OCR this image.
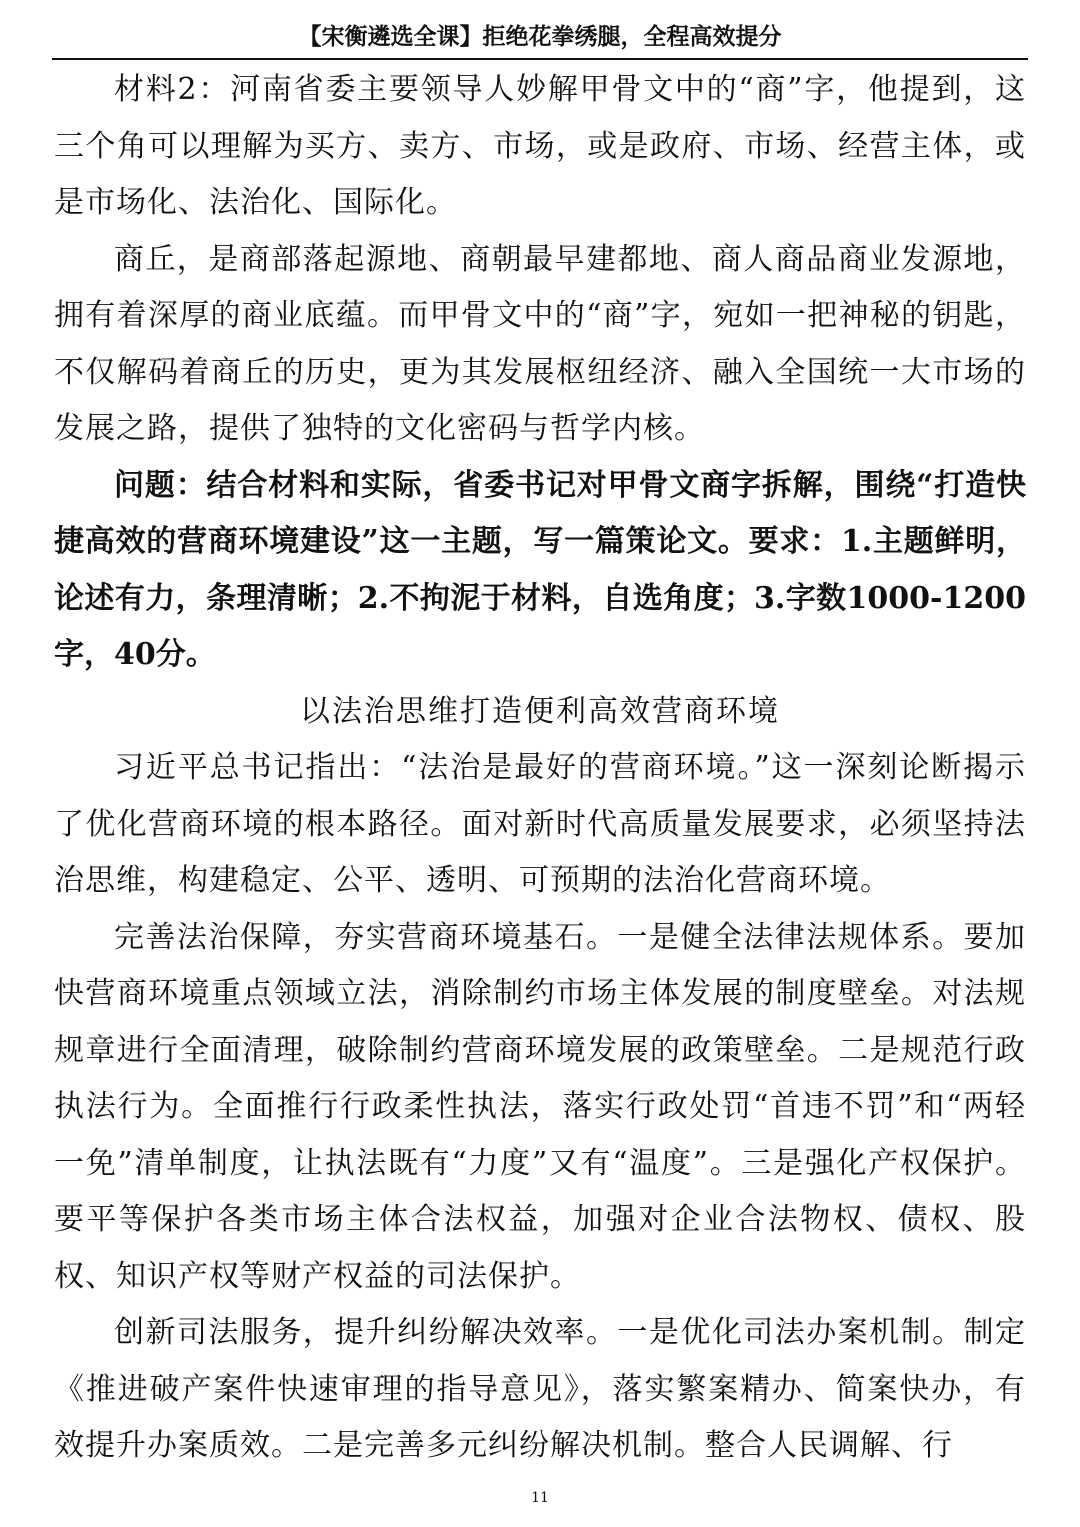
【宋衡遴选全课】拒绝花拳绣腿，全程高效提分

材料2：河南省委主要领导人妙解甲骨文中的“商”字，他提到，这三个角可以理解为买方、卖方、市场，或是政府、市场、经营主体，或是市场化、法治化、国际化。

商丘，是商部落起源地、商朝最早建都地、商人商品商业发源地，拥有着深厚的商业底蕴。而甲骨文中的“商”字，宛如一把神秘的钥匙，不仅解码着商丘的历史，更为其发展枢纽经济、融入全国统一大市场的发展之路，提供了独特的文化密码与哲学内核。

问题：结合材料和实际，省委书记对甲骨文商字拆解，围绕“打造快捷高效的营商环境建设”这一主题，写一篇策论文。要求：1.主题鲜明，论述有力，条理清晰；2.不拘泥于材料，自选角度；3.字数1000-1200字，40分。

以法治思维打造便利高效营商环境

习近平总书记指出：“法治是最好的营商环境。”这一深刻论断揭示了优化营商环境的根本路径。面对新时代高质量发展要求，必须坚持法治思维，构建稳定、公平、透明、可预期的法治化营商环境。

完善法治保障，夯实营商环境基石。一是健全法律法规体系。要加快营商环境重点领域立法，消除制约市场主体发展的制度壁垒。对法规规章进行全面清理，破除制约营商环境发展的政策壁垒。二是规范行政执法行为。全面推行行政柔性执法，落实行政处罚“首违不罚”和“两轻一免”清单制度，让执法既有“力度”又有“温度”。三是强化产权保护。要平等保护各类市场主体合法权益，加强对企业合法物权、债权、股权、知识产权等财产权益的司法保护。

创新司法服务，提升纠纷解决效率。一是优化司法办案机制。制定《推进破产案件快速审理的指导意见》，落实繁案精办、简案快办，有效提升办案质效。二是完善多元纠纷解决机制。整合人民调解、行

11
